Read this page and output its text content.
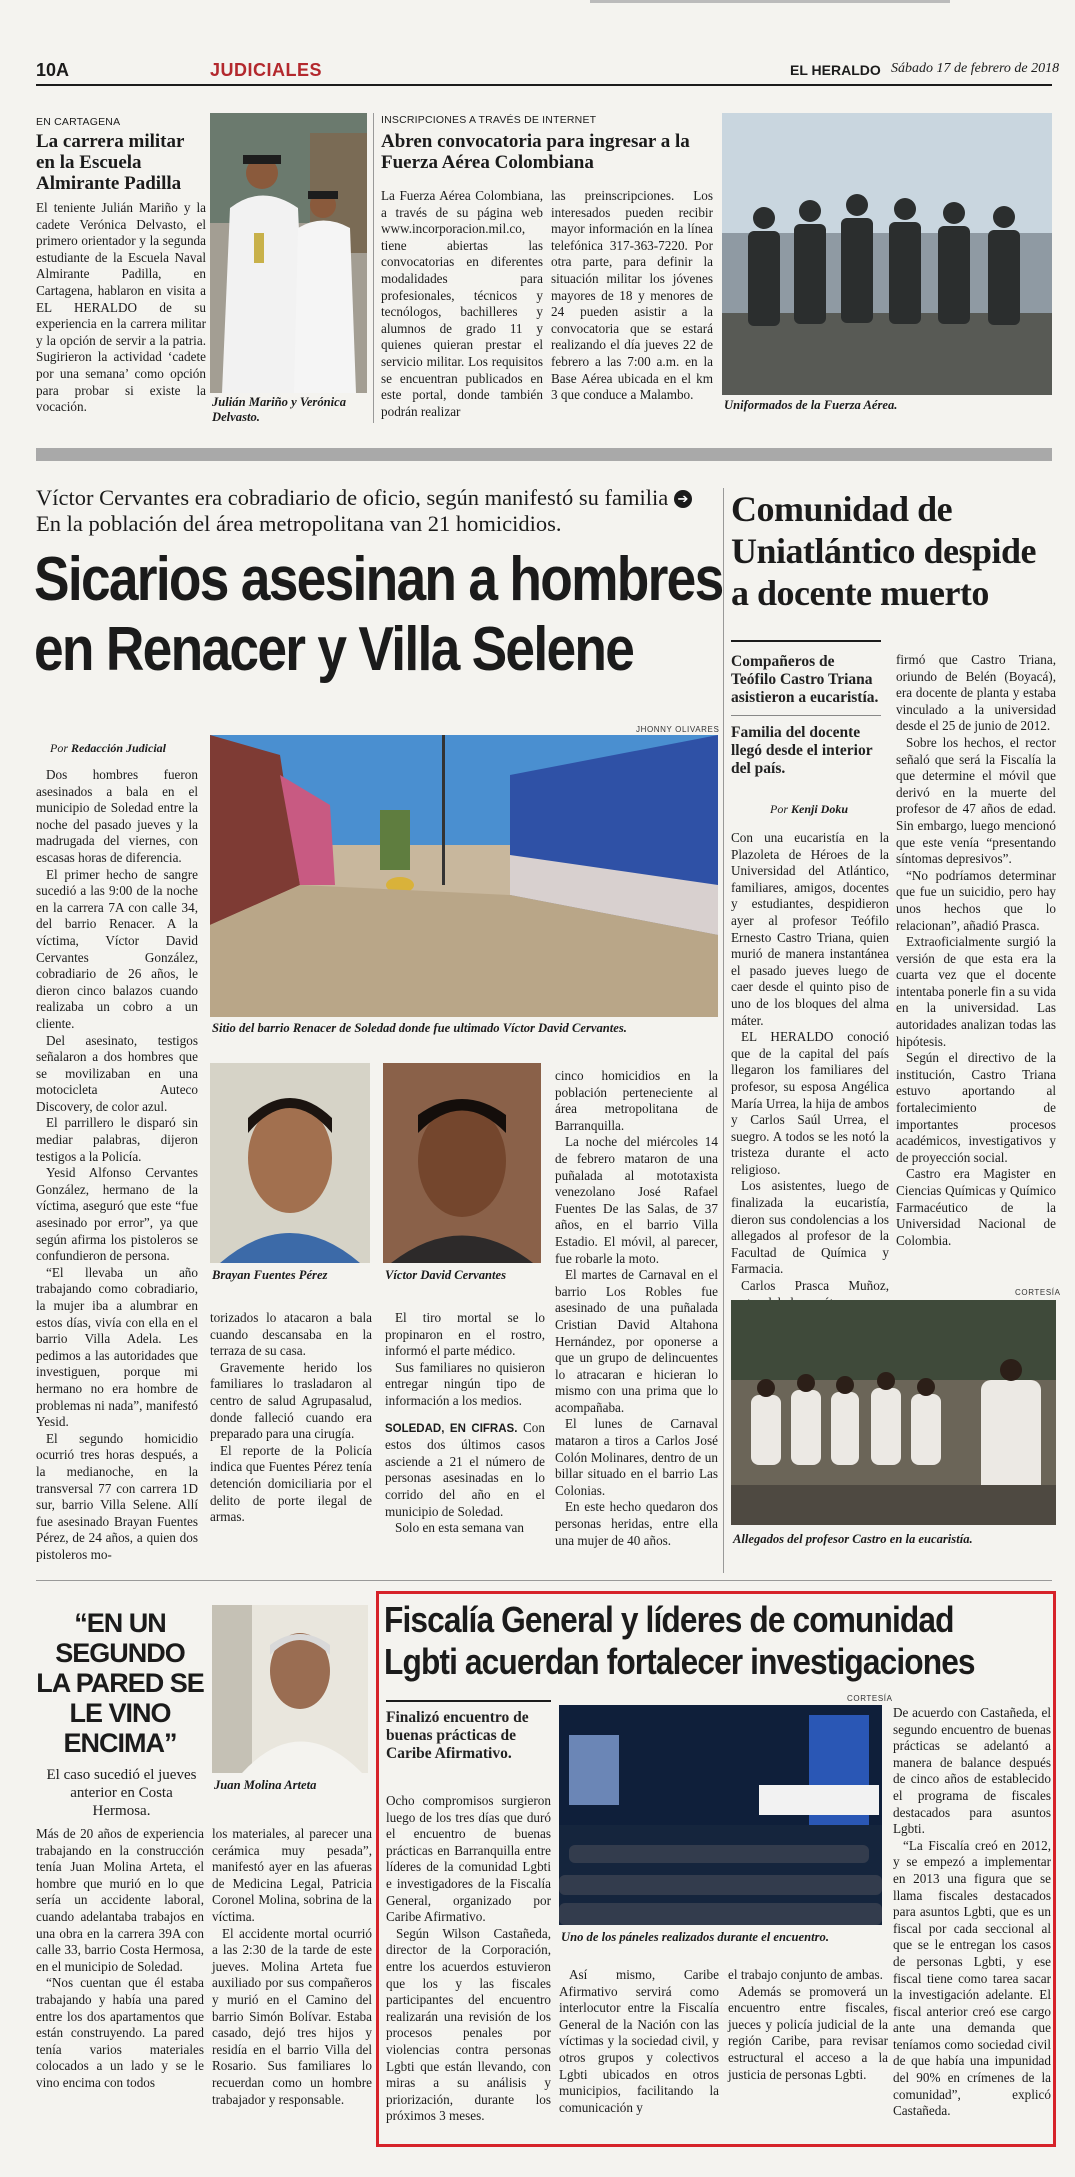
10A	JUDICIALES	EL HERALDO Sábado 17 de febrero de 2018
EN CARTAGENA
La carrera militar en la Escuela Almirante Padilla

El teniente Julián Mariño y la cadete Verónica Delvasto, el primero orientador y la segunda estudiante de la Escuela Naval Almirante Padilla, en Cartagena, hablaron en visita a EL HERALDO de su experiencia en la carrera militar y la opción de servir a la patria. Sugirieron la actividad ‘cadete por una semana’ como opción para probar si existe la vocación.	Julián Mariño y Verónica Delvasto.
INSCRIPCIONES A TRAVÉS DE INTERNET
Abren convocatoria para ingresar a la Fuerza Aérea Colombiana

La Fuerza Aérea Colombiana, a través de su página web www.incorporacion.mil.co, tiene abiertas las convocatorias en diferentes modalidades para profesionales, técnicos y tecnólogos, bachilleres y alumnos de grado 11 y quienes quieran prestar el servicio militar. Los requisitos se encuentran publicados en este portal, donde también podrán realizar

las preinscripciones. Los interesados pueden recibir mayor información en la línea telefónica 317-363-7220. Por otra parte, para definir la situación militar los jóvenes mayores de 18 y menores de 24 pueden asistir a la convocatoria que se estará realizando el día jueves 22 de febrero a las 7:00 a.m. en la Base Aérea ubicada en el km 3 que conduce a Malambo.

Uniformados de la Fuerza Aérea.
Víctor Cervantes era cobradiario de oficio, según manifestó su familia ➔ En la población del área metropolitana van 21 homicidios.
Sicarios asesinan a hombres
en Renacer y Villa Selene
Por Redacción Judicial

Dos hombres fueron asesinados a bala en el municipio de Soledad entre la noche del pasado jueves y la madrugada del viernes, con escasas horas de diferencia.

El primer hecho de sangre sucedió a las 9:00 de la noche en la carrera 7A con calle 34, del barrio Renacer. A la víctima, Víctor David Cervantes González, cobradiario de 26 años, le dieron cinco balazos cuando realizaba un cobro a un cliente.

Del asesinato, testigos señalaron a dos hombres que se movilizaban en una motocicleta Auteco Discovery, de color azul.

El parrillero le disparó sin mediar palabras, dijeron testigos a la Policía.

Yesid Alfonso Cervantes González, hermano de la víctima, aseguró que este “fue asesinado por error”, ya que según afirma los pistoleros se confundieron de persona.

“El llevaba un año trabajando como cobradiario, la mujer iba a alumbrar en estos días, vivía con ella en el barrio Villa Adela. Les pedimos a las autoridades que investiguen, porque mi hermano no era hombre de problemas ni nada”, manifestó Yesid.

El segundo homicidio ocurrió tres horas después, a la medianoche, en la transversal 77 con carrera 1D sur, barrio Villa Selene. Allí fue asesinado Brayan Fuentes Pérez, de 24 años, a quien dos pistoleros mo-

JHONNY OLIVARES
Sitio del barrio Renacer de Soledad donde fue ultimado Víctor David Cervantes.
Brayan Fuentes Pérez	Víctor David Cervantes

torizados lo atacaron a bala cuando descansaba en la terraza de su casa.

Gravemente herido los familiares lo trasladaron al centro de salud Agrupasalud, donde falleció cuando era preparado para una cirugía.

El reporte de la Policía indica que Fuentes Pérez tenía detención domiciliaria por el delito de porte ilegal de armas.

El tiro mortal se lo propinaron en el rostro, informó el parte médico.

Sus familiares no quisieron entregar ningún tipo de información a los medios.

SOLEDAD, EN CIFRAS. Con estos dos últimos casos asciende a 21 el número de personas asesinadas en lo corrido del año en el municipio de Soledad.

Solo en esta semana van

cinco homicidios en la población perteneciente al área metropolitana de Barranquilla.

La noche del miércoles 14 de febrero mataron de una puñalada al mototaxista venezolano José Rafael Fuentes De las Salas, de 37 años, en el barrio Villa Estadio. El móvil, al parecer, fue robarle la moto.

El martes de Carnaval en el barrio Los Robles fue asesinado de una puñalada Cristian David Altahona Hernández, por oponerse a que un grupo de delincuentes lo atracaran e hicieran lo mismo con una prima que lo acompañaba.

El lunes de Carnaval mataron a tiros a Carlos José Colón Molinares, dentro de un billar situado en el barrio Las Colonias.

En este hecho quedaron dos personas heridas, entre ella una mujer de 40 años.

Comunidad de Uniatlántico despide a docente muerto
Compañeros de Teófilo Castro Triana asistieron a eucaristía.
Familia del docente llegó desde el interior del país.
Por Kenji Doku

Con una eucaristía en la Plazoleta de Héroes de la Universidad del Atlántico, familiares, amigos, docentes y estudiantes, despidieron ayer al profesor Teófilo Ernesto Castro Triana, quien murió de manera instantánea el pasado jueves luego de caer desde el quinto piso de uno de los bloques del alma máter.

EL HERALDO conoció que de la capital del país llegaron los familiares del profesor, su esposa Angélica María Urrea, la hija de ambos y Carlos Saúl Urrea, el suegro. A todos se les notó la tristeza durante el acto religioso.

Los asistentes, luego de finalizada la eucaristía, dieron sus condolencias a los allegados al profesor de la Facultad de Química y Farmacia.

Carlos Prasca Muñoz,

firmó que Castro Triana, oriundo de Belén (Boyacá), era docente de planta y estaba vinculado a la universidad desde el 25 de junio de 2012.

Sobre los hechos, el rector señaló que será la Fiscalía la que determine el móvil que derivó en la muerte del profesor de 47 años de edad. Sin embargo, luego mencionó que este venía “presentando síntomas depresivos”.

“No podríamos determinar que fue un suicidio, pero hay unos hechos que lo relacionan”, añadió Prasca.

Extraoficialmente surgió la versión de que esta era la cuarta vez que el docente intentaba ponerle fin a su vida en la universidad. Las autoridades analizan todas las hipótesis.

Según el directivo de la institución, Castro Triana estuvo aportando al fortalecimiento de importantes procesos académicos, investigativos y de proyección social.

Castro era Magister en Ciencias Químicas y Químico Farmacéutico de la Universidad Nacional de Colombia.

CORTESÍA
Allegados del profesor Castro en la eucaristía.
“EN UN SEGUNDO LA PARED SE LE VINO ENCIMA”
El caso sucedió el jueves anterior en Costa Hermosa.
Juan Molina Arteta

Más de 20 años de experiencia trabajando en la construcción tenía Juan Molina Arteta, el hombre que murió en lo que sería un accidente laboral, cuando adelantaba trabajos en una obra en la carrera 39A con calle 33, barrio Costa Hermosa, en el municipio de Soledad.

“Nos cuentan que él estaba trabajando y había una pared entre los dos apartamentos que están construyendo. La pared tenía varios materiales colocados a un lado y se le vino encima con todos

los materiales, al parecer una cerámica muy pesada”, manifestó ayer en las afueras de Medicina Legal, Patricia Coronel Molina, sobrina de la víctima.

El accidente mortal ocurrió a las 2:30 de la tarde de este jueves. Molina Arteta fue auxiliado por sus compañeros y murió en el Camino del barrio Simón Bolívar. Estaba casado, dejó tres hijos y residía en el barrio Villa del Rosario. Sus familiares lo recuerdan como un hombre trabajador y responsable.

Fiscalía General y líderes de comunidad
Lgbti acuerdan fortalecer investigaciones
Finalizó encuentro de buenas prácticas de Caribe Afirmativo.

Ocho compromisos surgieron luego de los tres días que duró el encuentro de buenas prácticas en Barranquilla entre líderes de la comunidad Lgbti e investigadores de la Fiscalía General, organizado por Caribe Afirmativo.

Según Wilson Castañeda, director de la Corporación, entre los acuerdos estuvieron que los y las fiscales participantes del encuentro realizarán una revisión de los procesos penales por violencias contra personas Lgbti que están llevando, con miras a su análisis y priorización, durante los próximos 3 meses.

CORTESÍA
Uno de los páneles realizados durante el encuentro.

Así mismo, Caribe Afirmativo servirá como interlocutor entre la Fiscalía General de la Nación con las víctimas y la sociedad civil, y otros grupos y colectivos Lgbti ubicados en otros municipios, facilitando la comunicación y

el trabajo conjunto de ambas.

Además se promoverá un encuentro entre fiscales, jueces y policía judicial de la región Caribe, para revisar estructural el acceso a la justicia de personas Lgbti.

De acuerdo con Castañeda, el segundo encuentro de buenas prácticas se adelantó a manera de balance después de cinco años de establecido el programa de fiscales destacados para asuntos Lgbti.

“La Fiscalía creó en 2012, y se empezó a implementar en 2013 una figura que se llama fiscales destacados para asuntos Lgbti, que es un fiscal por cada seccional al que se le entregan los casos de personas Lgbti, y ese fiscal tiene como tarea sacar la investigación adelante. El fiscal anterior creó ese cargo ante una demanda que teníamos como sociedad civil de que había una impunidad del 90% en crímenes de la comunidad”, explicó Castañeda.
